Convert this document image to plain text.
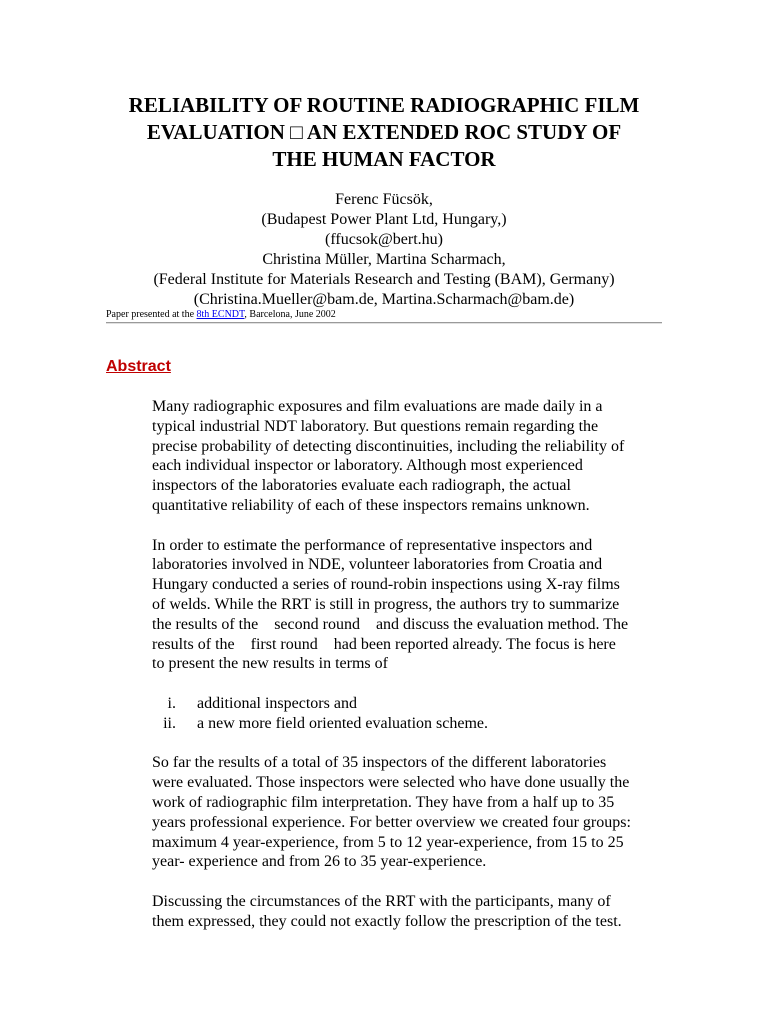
RELIABILITY OF ROUTINE RADIOGRAPHIC FILM
EVALUATION □ AN EXTENDED ROC STUDY OF
THE HUMAN FACTOR
Ferenc Fücsök,
(Budapest Power Plant Ltd, Hungary,)
(ffucsok@bert.hu)
Christina Müller, Martina Scharmach,
(Federal Institute for Materials Research and Testing (BAM), Germany)
(Christina.Mueller@bam.de, Martina.Scharmach@bam.de)
Paper presented at the 8th ECNDT, Barcelona, June 2002
Abstract

Many radiographic exposures and film evaluations are made daily in a
typical industrial NDT laboratory. But questions remain regarding the
precise probability of detecting discontinuities, including the reliability of
each individual inspector or laboratory. Although most experienced
inspectors of the laboratories evaluate each radiograph, the actual
quantitative reliability of each of these inspectors remains unknown.

In order to estimate the performance of representative inspectors and
laboratories involved in NDE, volunteer laboratories from Croatia and
Hungary conducted a series of round-robin inspections using X-ray films
of welds. While the RRT is still in progress, the authors try to summarize
the results of the    second round    and discuss the evaluation method. The
results of the    first round    had been reported already. The focus is here
to present the new results in terms of

i. additional inspectors and
ii. a new more field oriented evaluation scheme.

So far the results of a total of 35 inspectors of the different laboratories
were evaluated. Those inspectors were selected who have done usually the
work of radiographic film interpretation. They have from a half up to 35
years professional experience. For better overview we created four groups:
maximum 4 year-experience, from 5 to 12 year-experience, from 15 to 25
year- experience and from 26 to 35 year-experience.

Discussing the circumstances of the RRT with the participants, many of
them expressed, they could not exactly follow the prescription of the test.
